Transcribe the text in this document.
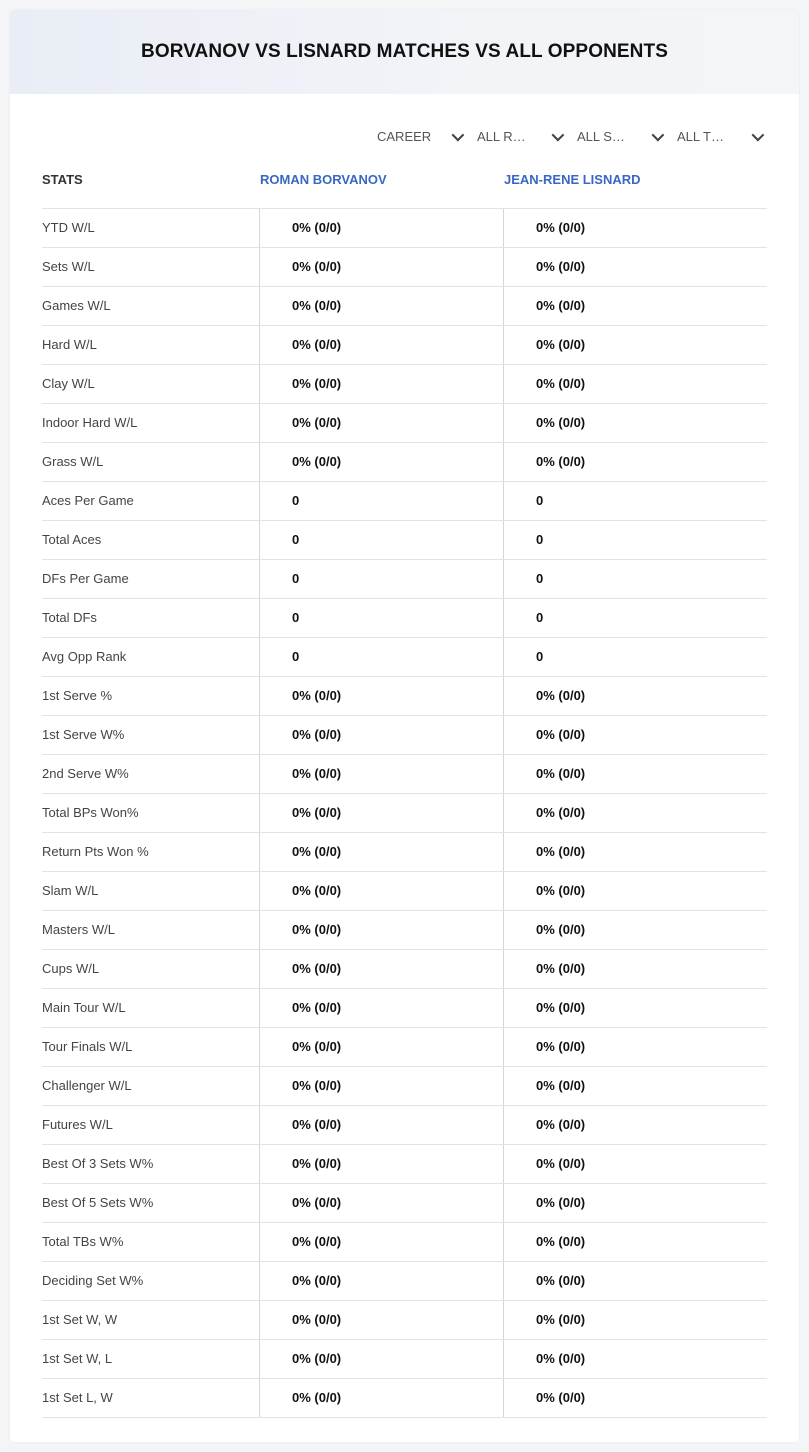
BORVANOV VS LISNARD MATCHES VS ALL OPPONENTS
CAREER	ALL R…	ALL S…	ALL T…
STATS	ROMAN BORVANOV	JEAN-RENE LISNARD
YTD W/L	0% (0/0)	0% (0/0)
Sets W/L	0% (0/0)	0% (0/0)
Games W/L	0% (0/0)	0% (0/0)
Hard W/L	0% (0/0)	0% (0/0)
Clay W/L	0% (0/0)	0% (0/0)
Indoor Hard W/L	0% (0/0)	0% (0/0)
Grass W/L	0% (0/0)	0% (0/0)
Aces Per Game	0	0
Total Aces	0	0
DFs Per Game	0	0
Total DFs	0	0
Avg Opp Rank	0	0
1st Serve %	0% (0/0)	0% (0/0)
1st Serve W%	0% (0/0)	0% (0/0)
2nd Serve W%	0% (0/0)	0% (0/0)
Total BPs Won%	0% (0/0)	0% (0/0)
Return Pts Won %	0% (0/0)	0% (0/0)
Slam W/L	0% (0/0)	0% (0/0)
Masters W/L	0% (0/0)	0% (0/0)
Cups W/L	0% (0/0)	0% (0/0)
Main Tour W/L	0% (0/0)	0% (0/0)
Tour Finals W/L	0% (0/0)	0% (0/0)
Challenger W/L	0% (0/0)	0% (0/0)
Futures W/L	0% (0/0)	0% (0/0)
Best Of 3 Sets W%	0% (0/0)	0% (0/0)
Best Of 5 Sets W%	0% (0/0)	0% (0/0)
Total TBs W%	0% (0/0)	0% (0/0)
Deciding Set W%	0% (0/0)	0% (0/0)
1st Set W, W	0% (0/0)	0% (0/0)
1st Set W, L	0% (0/0)	0% (0/0)
1st Set L, W	0% (0/0)	0% (0/0)
